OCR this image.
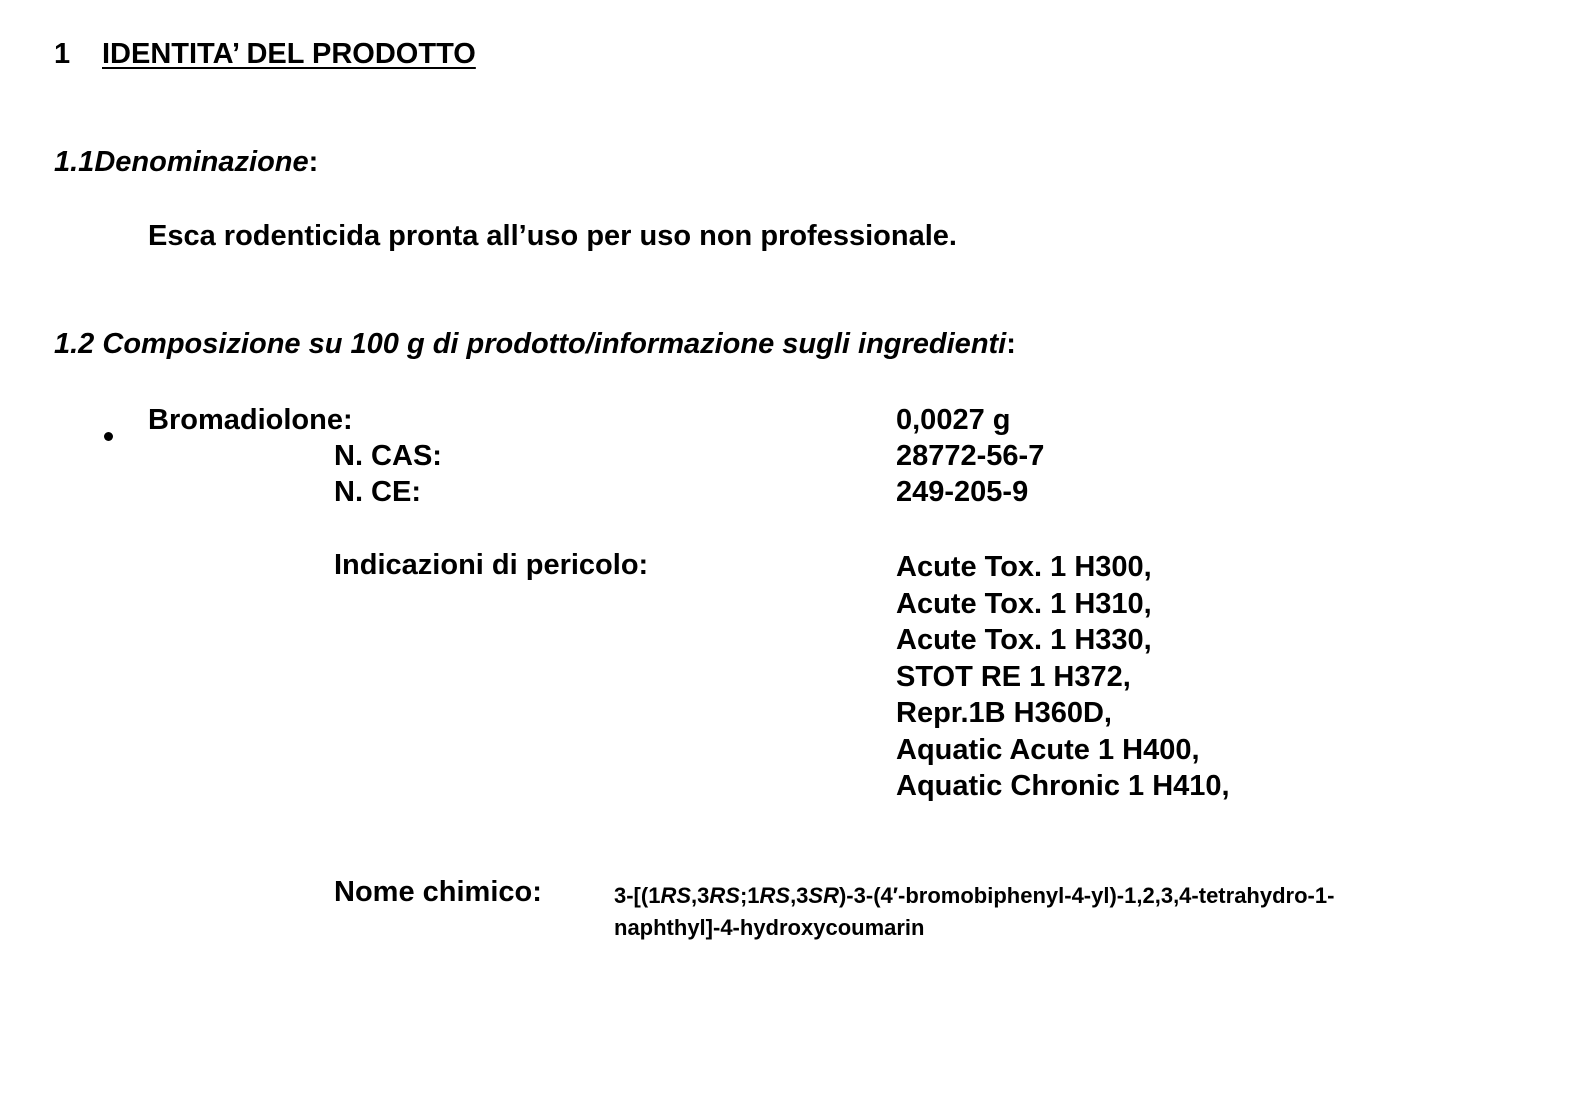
1 IDENTITA’ DEL PRODOTTO
1.1Denominazione:
Esca rodenticida pronta all’uso per uso non professionale.
1.2 Composizione su 100 g di prodotto/informazione sugli ingredienti:
Bromadiolone:	0,0027 g
N. CAS:	28772-56-7
N. CE:	249-205-9
Indicazioni di pericolo:	Acute Tox. 1 H300,
Acute Tox. 1 H310,
Acute Tox. 1 H330,
STOT RE 1 H372,
Repr.1B H360D,
Aquatic Acute 1 H400,
Aquatic Chronic 1 H410,
Nome chimico:	3-[(1RS,3RS;1RS,3SR)-3-(4′-bromobiphenyl-4-yl)-1,2,3,4-tetrahydro-1-naphthyl]-4-hydroxycoumarin
